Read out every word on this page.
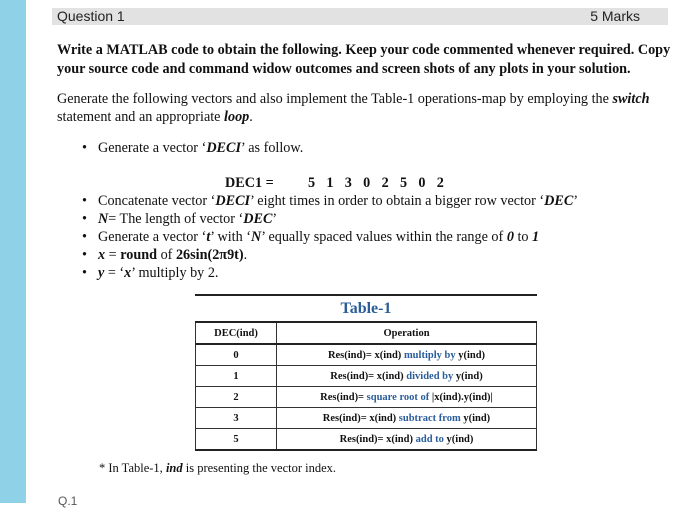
Question 1	5 Marks
Write a MATLAB code to obtain the following. Keep your code commented whenever required. Copy your source code and command widow outcomes and screen shots of any plots in your solution.
Generate the following vectors and also implement the Table-1 operations-map by employing the switch statement and an appropriate loop.
• Generate a vector ‘DECI’ as follow.
DEC1 = 5 1 3 0 2 5 0 2
• Concatenate vector ‘DECI’ eight times in order to obtain a bigger row vector ‘DEC’
• N= The length of vector ‘DEC’
• Generate a vector ‘t’ with ‘N’ equally spaced values within the range of 0 to 1
• x = round of 26sin(2π9t).
• y = ‘x’ multiply by 2.
Table-1
DEC(ind)	Operation
0	Res(ind)= x(ind) multiply by y(ind)
1	Res(ind)= x(ind) divided by y(ind)
2	Res(ind)= square root of |x(ind).y(ind)|
3	Res(ind)= x(ind) subtract from y(ind)
5	Res(ind)= x(ind) add to y(ind)
* In Table-1, ind is presenting the vector index.
Q.1
